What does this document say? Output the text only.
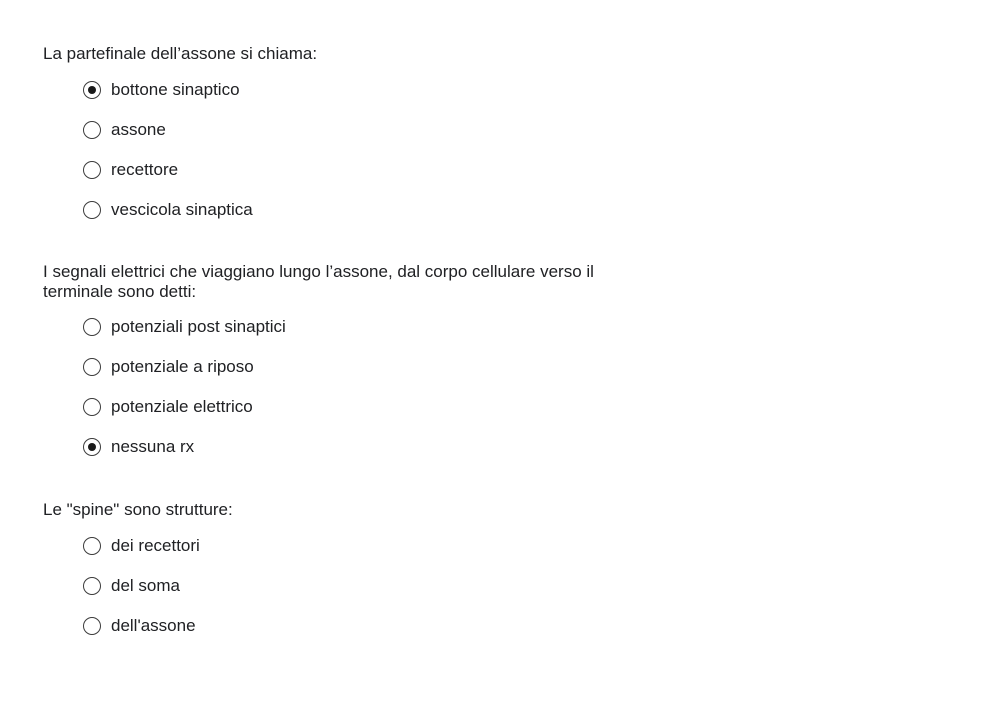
La partefinale dell’assone si chiama:

bottone sinaptico
assone
recettore
vescicola sinaptica

I segnali elettrici che viaggiano lungo l’assone, dal corpo cellulare verso il
terminale sono detti:

potenziali post sinaptici
potenziale a riposo
potenziale elettrico
nessuna rx

Le "spine" sono strutture:

dei recettori
del soma
dell'assone
